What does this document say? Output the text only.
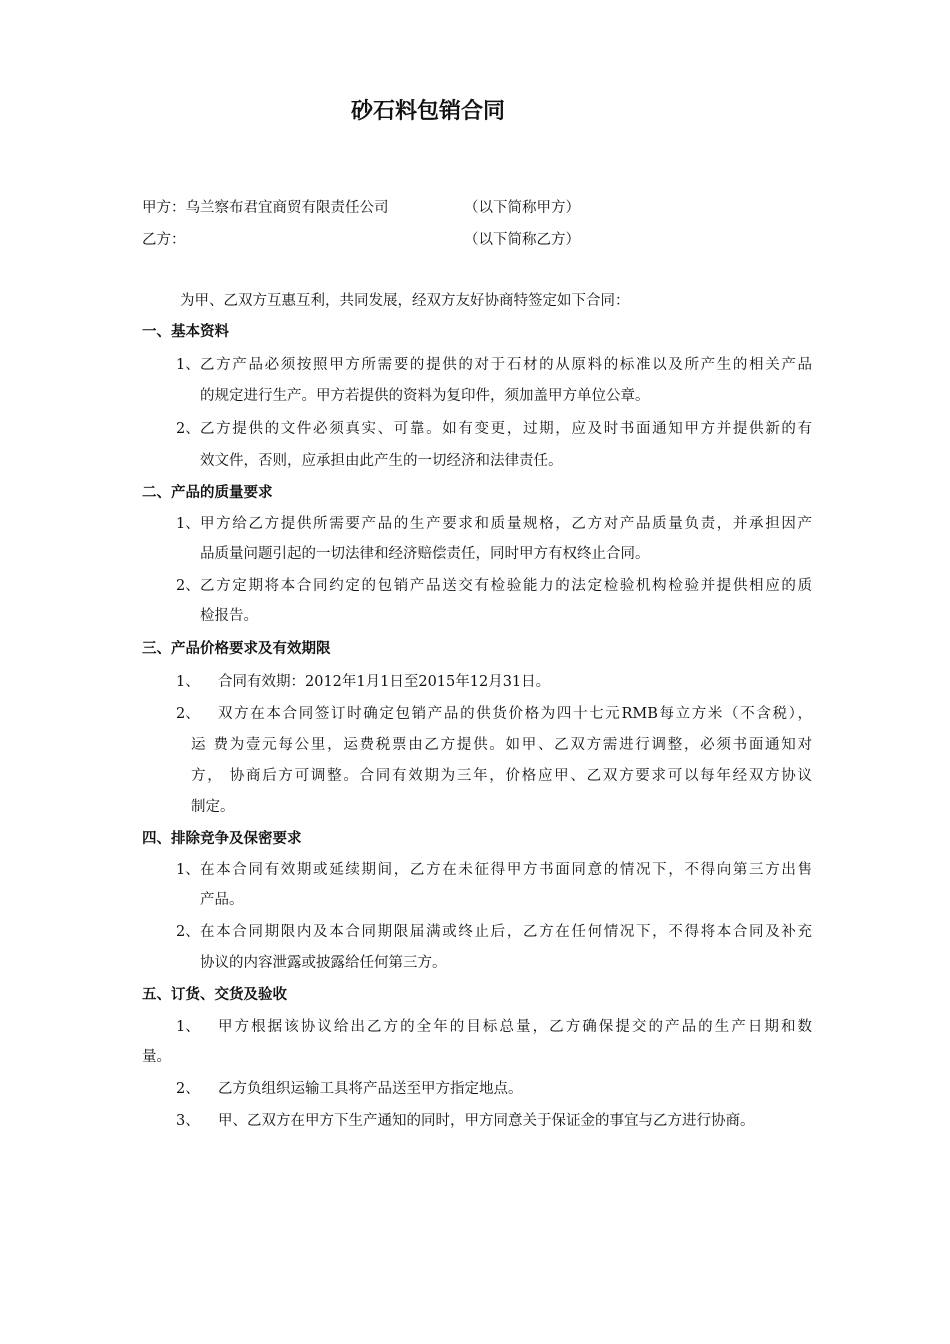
砂石料包销合同
甲方：乌兰察布君宜商贸有限责任公司	（以下简称甲方）
乙方：	（以下简称乙方）
为甲、乙双方互惠互利，共同发展，经双方友好协商特签定如下合同：
一、基本资料
1、 乙方产品必须按照甲方所需要的提供的对于石材的从原料的标准以及所产生的相关产品
的规定进行生产。甲方若提供的资料为复印件，须加盖甲方单位公章。
2、 乙方提供的文件必须真实、可靠。如有变更，过期，应及时书面通知甲方并提供新的有
效文件，否则，应承担由此产生的一切经济和法律责任。
二、产品的质量要求
1、 甲方给乙方提供所需要产品的生产要求和质量规格，乙方对产品质量负责，并承担因产
品质量问题引起的一切法律和经济赔偿责任，同时甲方有权终止合同。
2、 乙方定期将本合同约定的包销产品送交有检验能力的法定检验机构检验并提供相应的质
检报告。
三、产品价格要求及有效期限
1、 合同有效期：2012年1月1日至2015年12月31日。
2、 双方在本合同签订时确定包销产品的供货价格为四十七元RMB每立方米（不含税），
运 费为壹元每公里，运费税票由乙方提供。如甲、乙双方需进行调整，必须书面通知对
方， 协商后方可调整。合同有效期为三年，价格应甲、乙双方要求可以每年经双方协议
制定。
四、排除竞争及保密要求
1、 在本合同有效期或延续期间，乙方在未征得甲方书面同意的情况下，不得向第三方出售
产品。
2、 在本合同期限内及本合同期限届满或终止后，乙方在任何情况下，不得将本合同及补充
协议的内容泄露或披露给任何第三方。
五、订货、交货及验收
1、 甲方根据该协议给出乙方的全年的目标总量，乙方确保提交的产品的生产日期和数
量。
2、 乙方负组织运输工具将产品送至甲方指定地点。
3、 甲、乙双方在甲方下生产通知的同时，甲方同意关于保证金的事宜与乙方进行协商。
